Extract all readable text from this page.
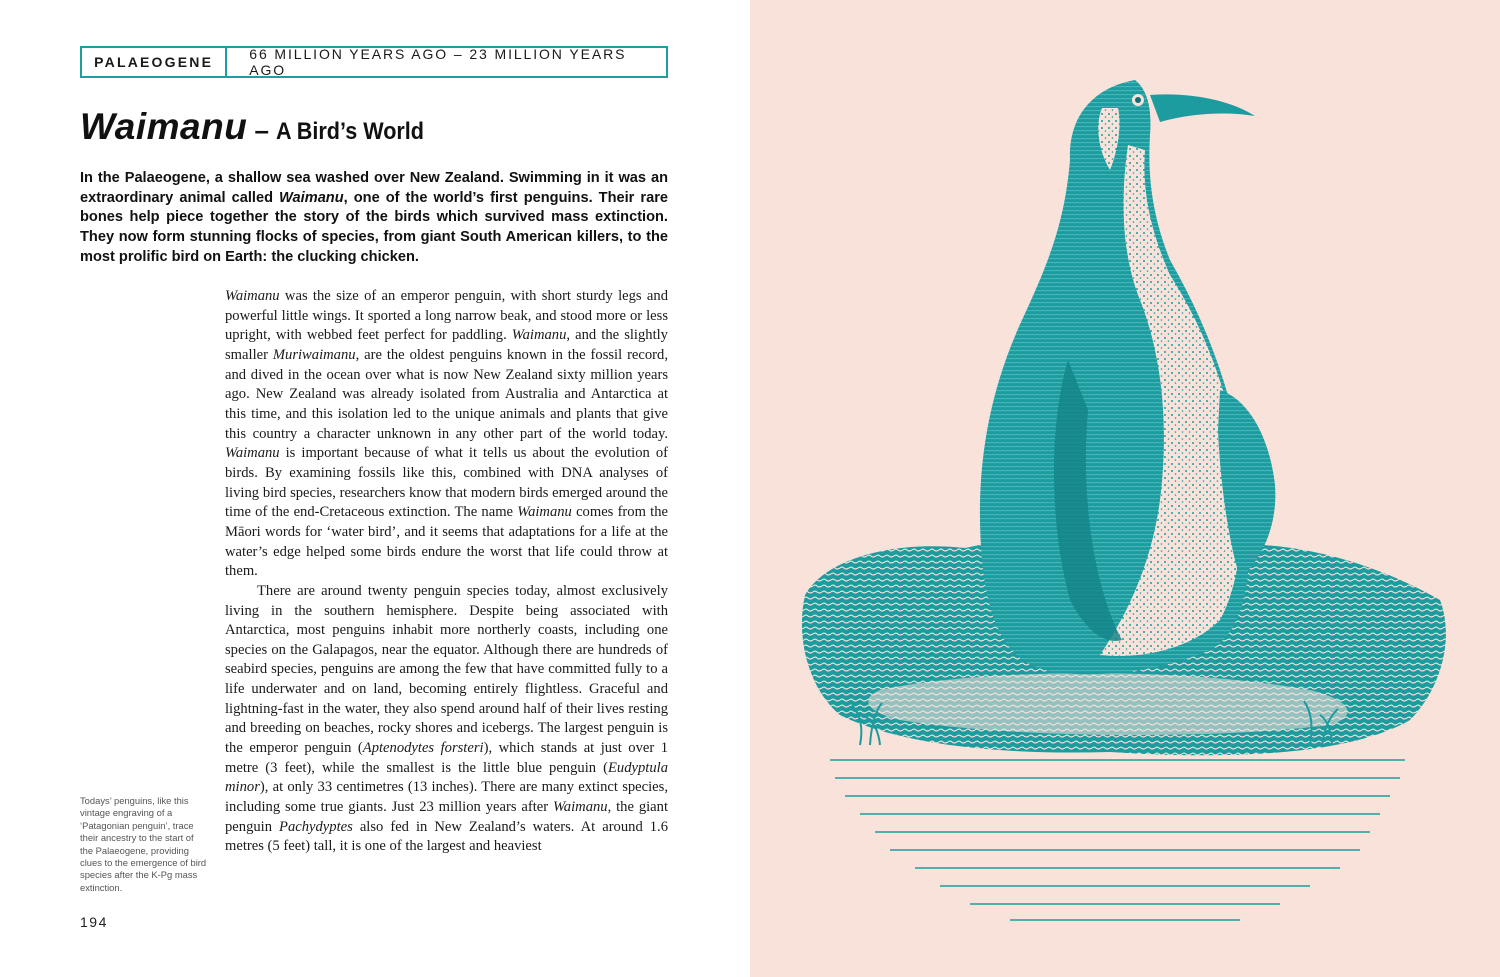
PALAEOGENE	66 MILLION YEARS AGO – 23 MILLION YEARS AGO
Waimanu – A Bird’s World

In the Palaeogene, a shallow sea washed over New Zealand. Swimming in it was an extraordinary animal called Waimanu, one of the world’s first penguins. Their rare bones help piece together the story of the birds which survived mass extinction. They now form stunning flocks of species, from giant South American killers, to the most prolific bird on Earth: the clucking chicken.

Waimanu was the size of an emperor penguin, with short sturdy legs and powerful little wings. It sported a long narrow beak, and stood more or less upright, with webbed feet perfect for paddling. Waimanu, and the slightly smaller Muriwaimanu, are the oldest penguins known in the fossil record, and dived in the ocean over what is now New Zealand sixty million years ago. New Zealand was already isolated from Australia and Antarctica at this time, and this isolation led to the unique animals and plants that give this country a character unknown in any other part of the world today. Waimanu is important because of what it tells us about the evolution of birds. By examining fossils like this, combined with DNA analyses of living bird species, researchers know that modern birds emerged around the time of the end-Cretaceous extinction. The name Waimanu comes from the Māori words for ‘water bird’, and it seems that adaptations for a life at the water’s edge helped some birds endure the worst that life could throw at them.

There are around twenty penguin species today, almost exclusively living in the southern hemisphere. Despite being associated with Antarctica, most penguins inhabit more northerly coasts, including one species on the Galapagos, near the equator. Although there are hundreds of seabird species, penguins are among the few that have committed fully to a life underwater and on land, becoming entirely flightless. Graceful and lightning-fast in the water, they also spend around half of their lives resting and breeding on beaches, rocky shores and icebergs. The largest penguin is the emperor penguin (Aptenodytes forsteri), which stands at just over 1 metre (3 feet), while the smallest is the little blue penguin (Eudyptula minor), at only 33 centimetres (13 inches). There are many extinct species, including some true giants. Just 23 million years after Waimanu, the giant penguin Pachydyptes also fed in New Zealand’s waters. At around 1.6 metres (5 feet) tall, it is one of the largest and heaviest

Todays’ penguins, like this vintage engraving of a ‘Patagonian penguin’, trace their ancestry to the start of the Palaeogene, providing clues to the emergence of bird species after the K-Pg mass extinction.

194
